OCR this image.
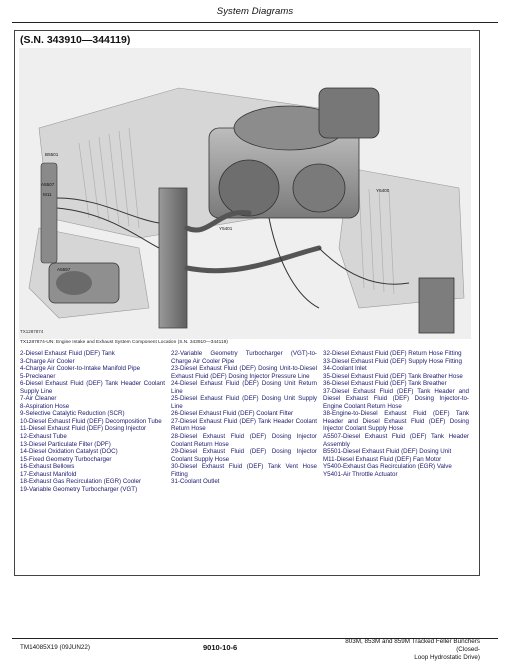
System Diagrams
(S.N. 343910—344119)
B5501
A5507
M11
Y5400
Y5401
A5597
TX1287874
TX1287874-UN: Engine Intake and Exhaust System Component Location (S.N. 343910—344119)
2-Diesel Exhaust Fluid (DEF) Tank
3-Charge Air Cooler
4-Charge Air Cooler-to-Intake Manifold Pipe
5-Precleaner
6-Diesel Exhaust Fluid (DEF) Tank Header Coolant Supply Line
7-Air Cleaner
8-Aspiration Hose
9-Selective Catalytic Reduction (SCR)
10-Diesel Exhaust Fluid (DEF) Decomposition Tube
11-Diesel Exhaust Fluid (DEF) Dosing Injector
12-Exhaust Tube
13-Diesel Particulate Filter (DPF)
14-Diesel Oxidation Catalyst (DOC)
15-Fixed Geometry Turbocharger
16-Exhaust Bellows
17-Exhaust Manifold
18-Exhaust Gas Recirculation (EGR) Cooler
19-Variable Geometry Turbocharger (VGT)
22-Variable Geometry Turbocharger (VGT)-to-Charge Air Cooler Pipe
23-Diesel Exhaust Fluid (DEF) Dosing Unit-to-Diesel Exhaust Fluid (DEF) Dosing Injector Pressure Line
24-Diesel Exhaust Fluid (DEF) Dosing Unit Return Line
25-Diesel Exhaust Fluid (DEF) Dosing Unit Supply Line
26-Diesel Exhaust Fluid (DEF) Coolant Filter
27-Diesel Exhaust Fluid (DEF) Tank Header Coolant Return Hose
28-Diesel Exhaust Fluid (DEF) Dosing Injector Coolant Return Hose
29-Diesel Exhaust Fluid (DEF) Dosing Injector Coolant Supply Hose
30-Diesel Exhaust Fluid (DEF) Tank Vent Hose Fitting
31-Coolant Outlet
32-Diesel Exhaust Fluid (DEF) Return Hose Fitting
33-Diesel Exhaust Fluid (DEF) Supply Hose Fitting
34-Coolant Inlet
35-Diesel Exhaust Fluid (DEF) Tank Breather Hose
36-Diesel Exhaust Fluid (DEF) Tank Breather
37-Diesel Exhaust Fluid (DEF) Tank Header and Diesel Exhaust Fluid (DEF) Dosing Injector-to-Engine Coolant Return Hose
38-Engine-to-Diesel Exhaust Fluid (DEF) Tank Header and Diesel Exhaust Fluid (DEF) Dosing Injector Coolant Supply Hose
A5507-Diesel Exhaust Fluid (DEF) Tank Header Assembly
B5501-Diesel Exhaust Fluid (DEF) Dosing Unit
M11-Diesel Exhaust Fluid (DEF) Fan Motor
Y5400-Exhaust Gas Recirculation (EGR) Valve
Y5401-Air Throttle Actuator
TM14085X19 (09JUN22)	9010-10-6
803M, 853M and 859M Tracked Feller Bunchers (Closed-
Loop Hydrostatic Drive)
